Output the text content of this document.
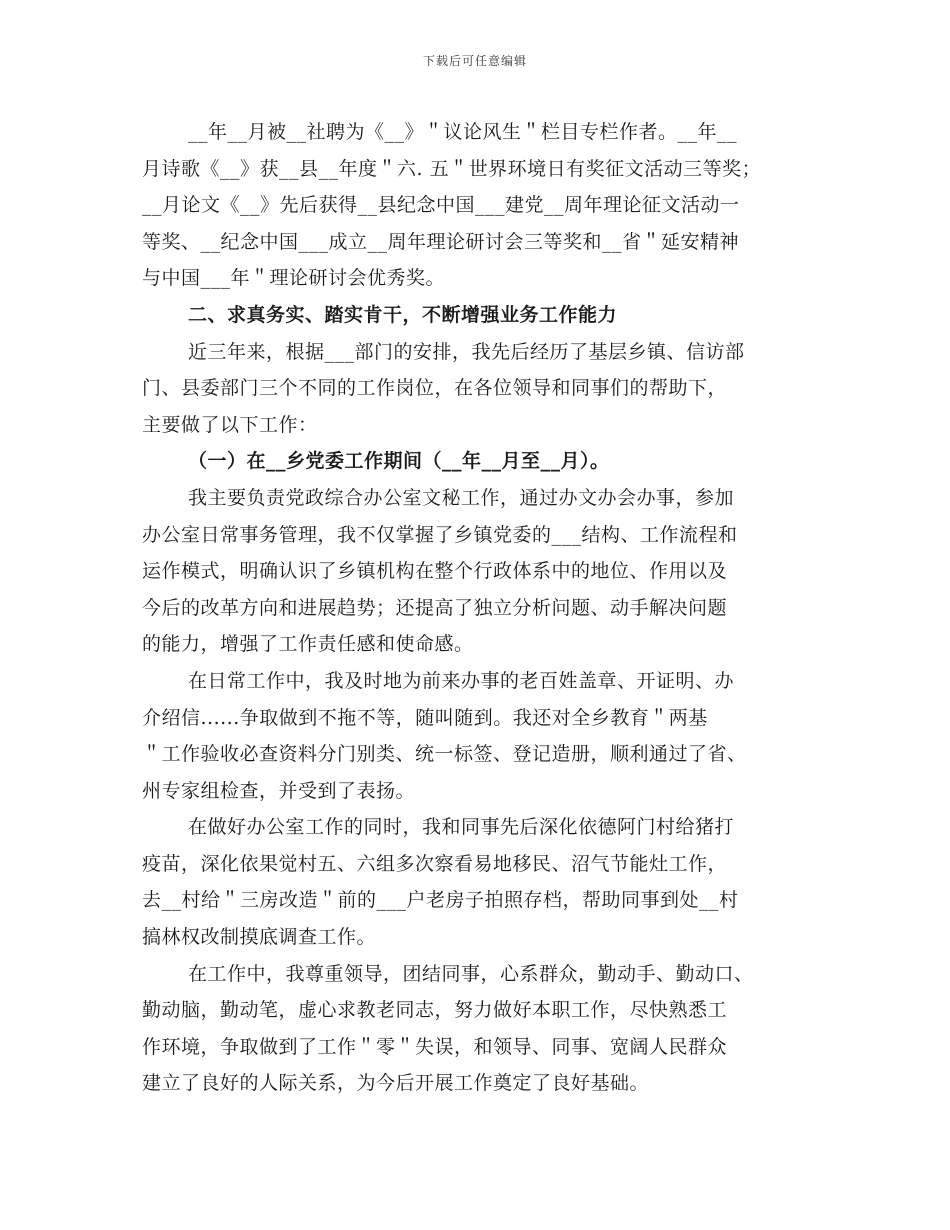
下载后可任意编辑
__年__月被__社聘为《__》＂议论风生＂栏目专栏作者。__年__
月诗歌《__》获__县__年度＂六. 五＂世界环境日有奖征文活动三等奖；
__月论文《__》先后获得__县纪念中国___建党__周年理论征文活动一
等奖、__纪念中国___成立__周年理论研讨会三等奖和__省＂延安精神
与中国___年＂理论研讨会优秀奖。
二、求真务实、踏实肯干，不断增强业务工作能力
近三年来，根据___部门的安排，我先后经历了基层乡镇、信访部
门、县委部门三个不同的工作岗位，在各位领导和同事们的帮助下，
主要做了以下工作：
（一）在__乡党委工作期间（__年__月至__月）。
我主要负责党政综合办公室文秘工作，通过办文办会办事，参加
办公室日常事务管理，我不仅掌握了乡镇党委的___结构、工作流程和
运作模式，明确认识了乡镇机构在整个行政体系中的地位、作用以及
今后的改革方向和进展趋势；还提高了独立分析问题、动手解决问题
的能力，增强了工作责任感和使命感。
在日常工作中，我及时地为前来办事的老百姓盖章、开证明、办
介绍信......争取做到不拖不等，随叫随到。我还对全乡教育＂两基
＂工作验收必查资料分门别类、统一标签、登记造册，顺利通过了省、
州专家组检查，并受到了表扬。
在做好办公室工作的同时，我和同事先后深化依德阿门村给猪打
疫苗，深化依果觉村五、六组多次察看易地移民、沼气节能灶工作，
去__村给＂三房改造＂前的___户老房子拍照存档，帮助同事到处__村
搞林权改制摸底调查工作。
在工作中，我尊重领导，团结同事，心系群众，勤动手、勤动口、
勤动脑，勤动笔，虚心求教老同志，努力做好本职工作，尽快熟悉工
作环境，争取做到了工作＂零＂失误，和领导、同事、宽阔人民群众
建立了良好的人际关系，为今后开展工作奠定了良好基础。
